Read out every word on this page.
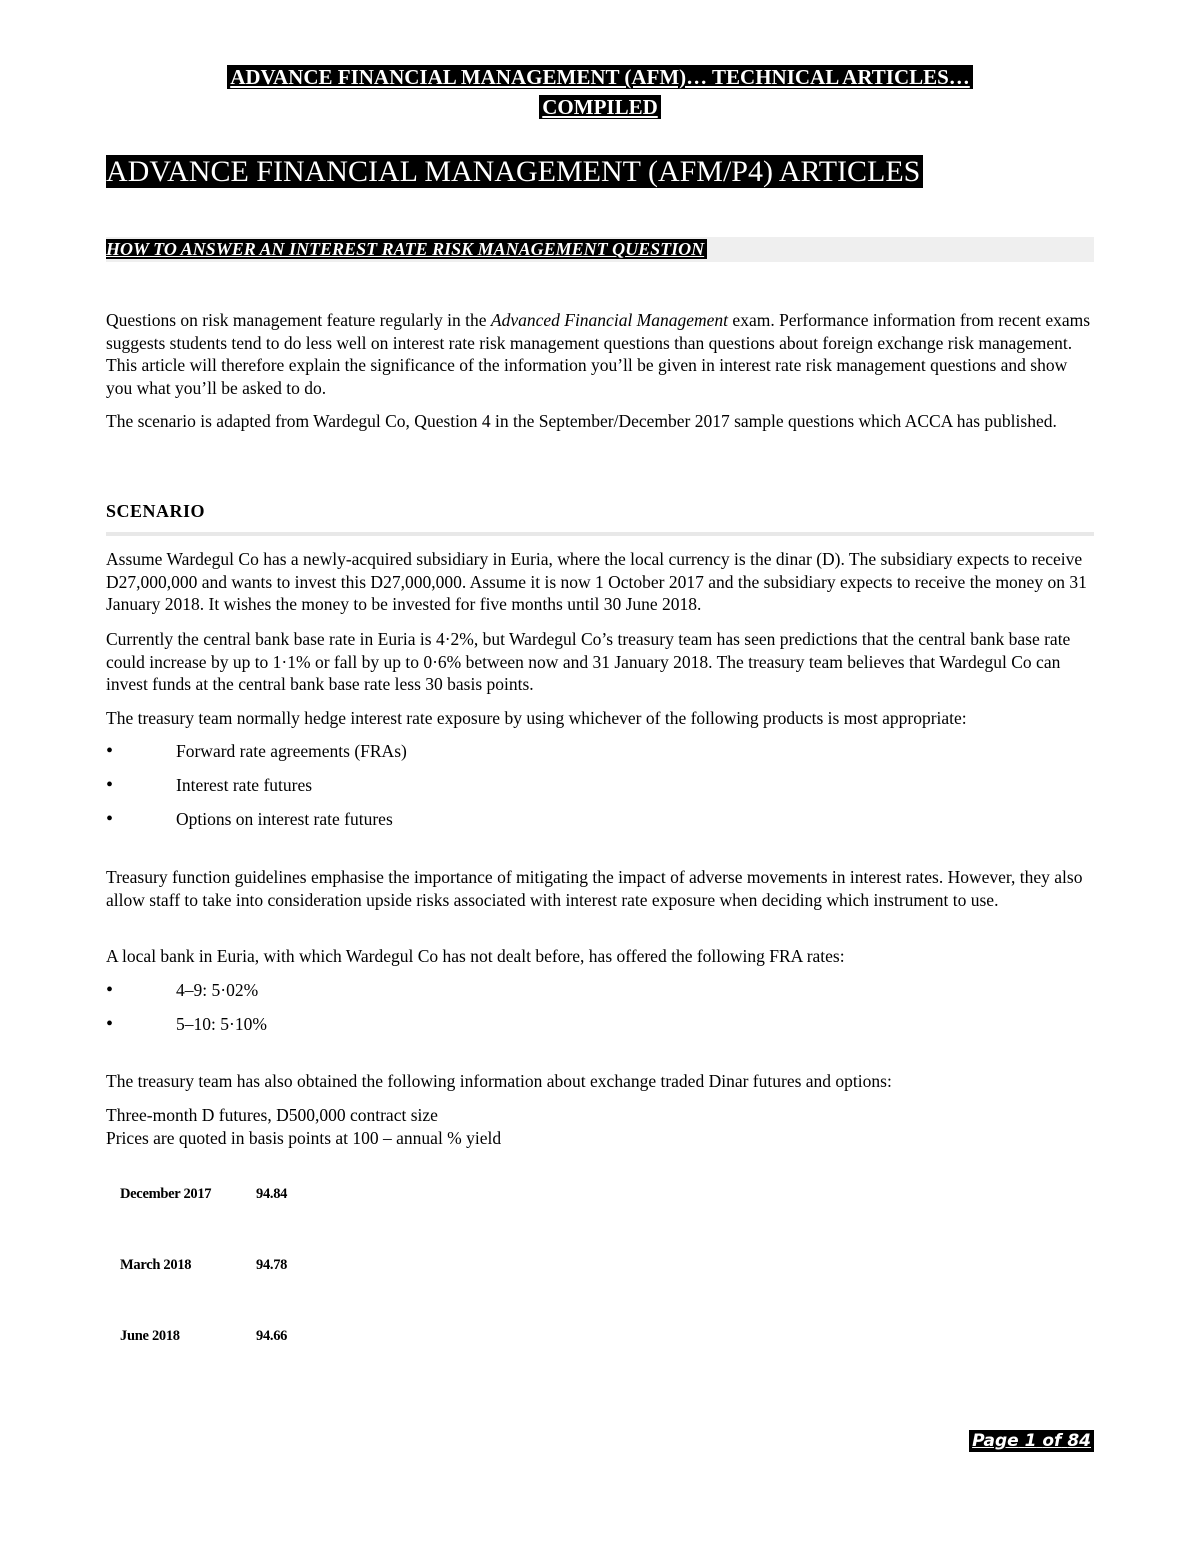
ADVANCE FINANCIAL MANAGEMENT (AFM)… TECHNICAL ARTICLES…
COMPILED
ADVANCE FINANCIAL MANAGEMENT (AFM/P4) ARTICLES
HOW TO ANSWER AN INTEREST RATE RISK MANAGEMENT QUESTION
Questions on risk management feature regularly in the Advanced Financial Management exam. Performance information from recent exams suggests students tend to do less well on interest rate risk management questions than questions about foreign exchange risk management. This article will therefore explain the significance of the information you’ll be given in interest rate risk management questions and show you what you’ll be asked to do.
The scenario is adapted from Wardegul Co, Question 4 in the September/December 2017 sample questions which ACCA has published.
SCENARIO
Assume Wardegul Co has a newly-acquired subsidiary in Euria, where the local currency is the dinar (D). The subsidiary expects to receive D27,000,000 and wants to invest this D27,000,000. Assume it is now 1 October 2017 and the subsidiary expects to receive the money on 31 January 2018. It wishes the money to be invested for five months until 30 June 2018.
Currently the central bank base rate in Euria is 4·2%, but Wardegul Co’s treasury team has seen predictions that the central bank base rate could increase by up to 1·1% or fall by up to 0·6% between now and 31 January 2018. The treasury team believes that Wardegul Co can invest funds at the central bank base rate less 30 basis points.
The treasury team normally hedge interest rate exposure by using whichever of the following products is most appropriate:
•	Forward rate agreements (FRAs)
•	Interest rate futures
•	Options on interest rate futures
Treasury function guidelines emphasise the importance of mitigating the impact of adverse movements in interest rates. However, they also allow staff to take into consideration upside risks associated with interest rate exposure when deciding which instrument to use.
A local bank in Euria, with which Wardegul Co has not dealt before, has offered the following FRA rates:
•	4–9: 5·02%
•	5–10: 5·10%
The treasury team has also obtained the following information about exchange traded Dinar futures and options:
Three-month D futures, D500,000 contract size
Prices are quoted in basis points at 100 – annual % yield
December 2017	94.84
March 2018	94.78
June 2018	94.66
Page 1 of 84
